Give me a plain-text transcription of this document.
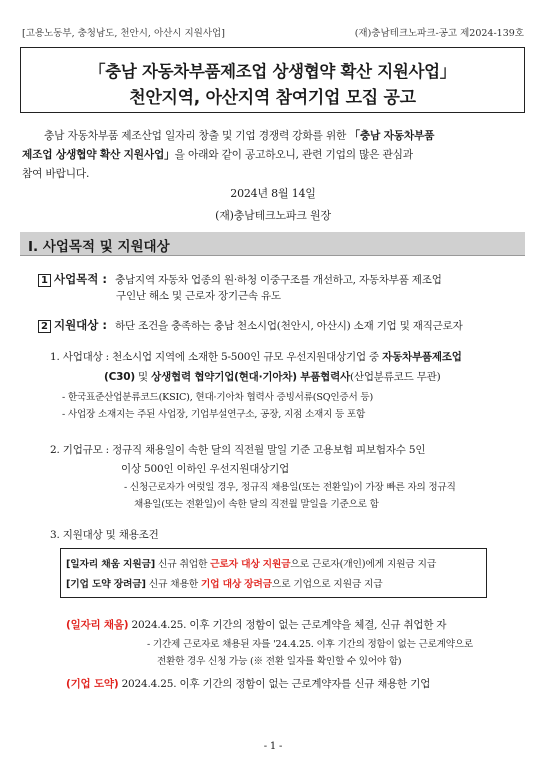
[고용노동부, 충청남도, 천안시, 아산시 지원사업]	(재)충남테크노파크-공고 제2024-139호
「충남 자동차부품제조업 상생협약 확산 지원사업」
천안지역, 아산지역 참여기업 모집 공고
충남 자동차부품 제조산업 일자리 창출 및 기업 경쟁력 강화를 위한 「충남 자동차부품
제조업 상생협약 확산 지원사업」을 아래와 같이 공고하오니, 관련 기업의 많은 관심과
참여 바랍니다.
2024년 8월 14일
(재)충남테크노파크 원장
Ⅰ. 사업목적 및 지원대상
1 사업목적 : 충남지역 자동차 업종의 원·하청 이중구조를 개선하고, 자동차부품 제조업
구인난 해소 및 근로자 장기근속 유도
2 지원대상 : 하단 조건을 충족하는 충남 천소시업(천안시, 아산시) 소재 기업 및 재직근로자
1. 사업대상 : 천소시업 지역에 소재한 5-500인 규모 우선지원대상기업 중 자동차부품제조업
(C30) 및 상생협력 협약기업(현대·기아차) 부품협력사(산업분류코드 무관)
- 한국표준산업분류코드(KSIC), 현대·기아차 협력사 증빙서류(SQ인증서 등)
- 사업장 소재지는 주된 사업장, 기업부설연구소, 공장, 지점 소재지 등 포함
2. 기업규모 : 정규직 채용일이 속한 달의 직전월 말일 기준 고용보험 피보험자수 5인
이상 500인 이하인 우선지원대상기업
- 신청근로자가 여럿일 경우, 정규직 채용일(또는 전환일)이 가장 빠른 자의 정규직
채용일(또는 전환일)이 속한 달의 직전월 말일을 기준으로 함
3. 지원대상 및 채용조건
[일자리 채움 지원금] 신규 취업한 근로자 대상 지원금으로 근로자(개인)에게 지원금 지급
[기업 도약 장려금] 신규 채용한 기업 대상 장려금으로 기업으로 지원금 지급
(일자리 채움) 2024.4.25. 이후 기간의 정함이 없는 근로계약을 체결, 신규 취업한 자
- 기간제 근로자로 채용된 자를 '24.4.25. 이후 기간의 정함이 없는 근로계약으로
전환한 경우 신청 가능 (※ 전환 일자를 확인할 수 있어야 함)
(기업 도약) 2024.4.25. 이후 기간의 정함이 없는 근로계약자를 신규 채용한 기업
- 1 -
